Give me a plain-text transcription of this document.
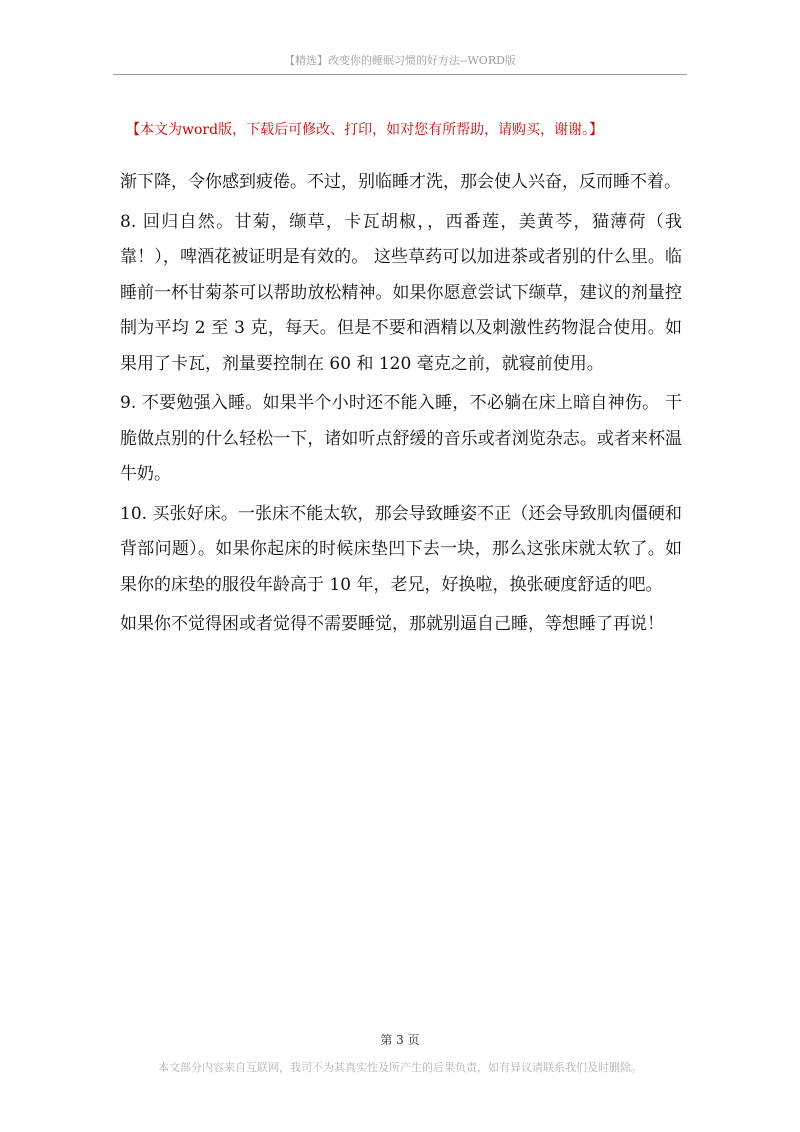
【精选】改变你的睡眠习惯的好方法--WORD版
【本文为word版，下载后可修改、打印，如对您有所帮助，请购买，谢谢。】

渐下降，令你感到疲倦。不过，别临睡才洗，那会使人兴奋，反而睡不着。

8. 回归自然。甘菊，缬草，卡瓦胡椒，，西番莲，美黄芩，猫薄荷（我靠！），啤酒花被证明是有效的。 这些草药可以加进茶或者别的什么里。临睡前一杯甘菊茶可以帮助放松精神。如果你愿意尝试下缬草，建议的剂量控制为平均 2 至 3 克，每天。但是不要和酒精以及刺激性药物混合使用。如果用了卡瓦，剂量要控制在 60 和 120 毫克之前，就寝前使用。

9. 不要勉强入睡。如果半个小时还不能入睡，不必躺在床上暗自神伤。 干脆做点别的什么轻松一下，诸如听点舒缓的音乐或者浏览杂志。或者来杯温牛奶。

10. 买张好床。一张床不能太软，那会导致睡姿不正（还会导致肌肉僵硬和背部问题）。如果你起床的时候床垫凹下去一块，那么这张床就太软了。如果你的床垫的服役年龄高于 10 年，老兄，好换啦，换张硬度舒适的吧。

如果你不觉得困或者觉得不需要睡觉，那就别逼自己睡，等想睡了再说！

第 3 页
本文部分内容来自互联网，我司不为其真实性及所产生的后果负责，如有异议请联系我们及时删除。
